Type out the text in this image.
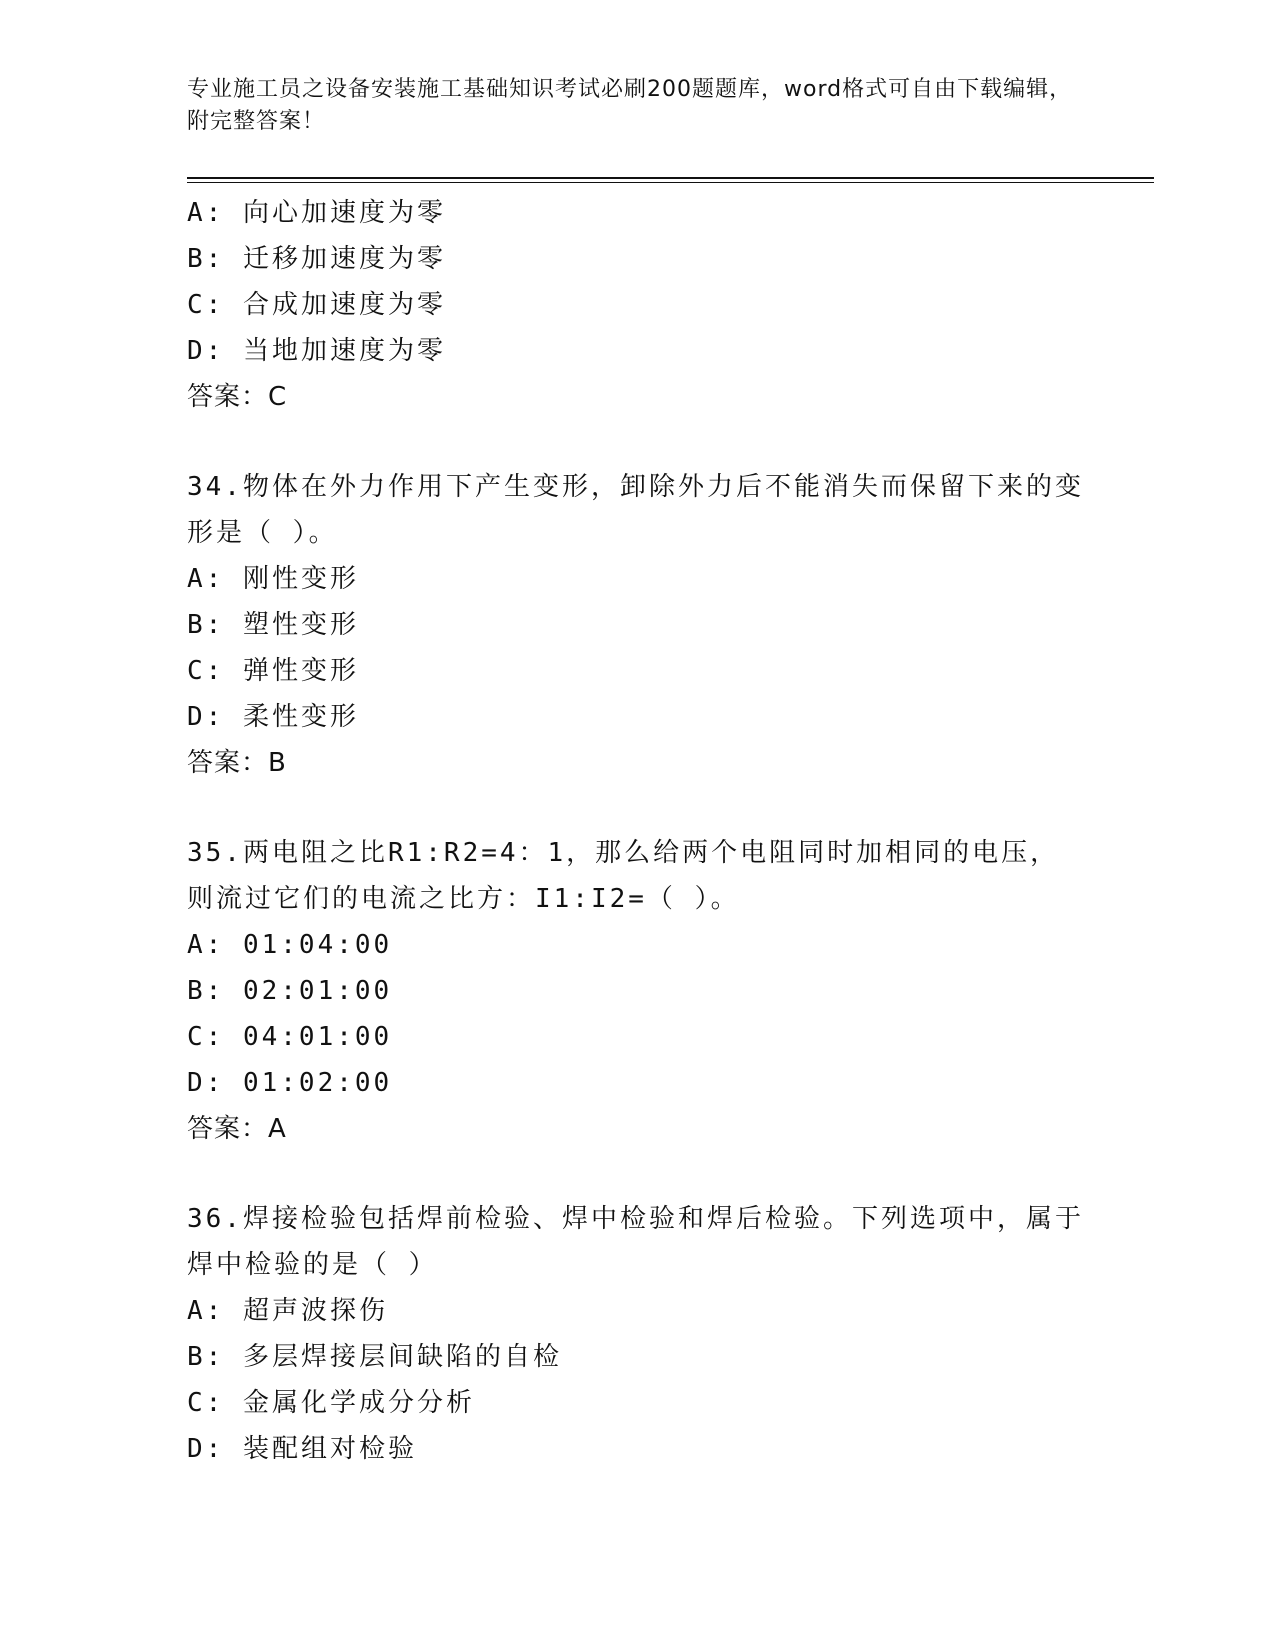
专业施工员之设备安装施工基础知识考试必刷200题题库，word格式可自由下载编辑，附完整答案！
A: 向心加速度为零
B: 迁移加速度为零
C: 合成加速度为零
D: 当地加速度为零
答案：C
34.物体在外力作用下产生变形，卸除外力后不能消失而保留下来的变形是（ ）。
A: 刚性变形
B: 塑性变形
C: 弹性变形
D: 柔性变形
答案：B
35.两电阻之比R1:R2=4：1，那么给两个电阻同时加相同的电压，则流过它们的电流之比方：I1:I2=（ ）。
A: 01:04:00
B: 02:01:00
C: 04:01:00
D: 01:02:00
答案：A
36.焊接检验包括焊前检验、焊中检验和焊后检验。下列选项中，属于焊中检验的是（ ）
A: 超声波探伤
B: 多层焊接层间缺陷的自检
C: 金属化学成分分析
D: 装配组对检验
